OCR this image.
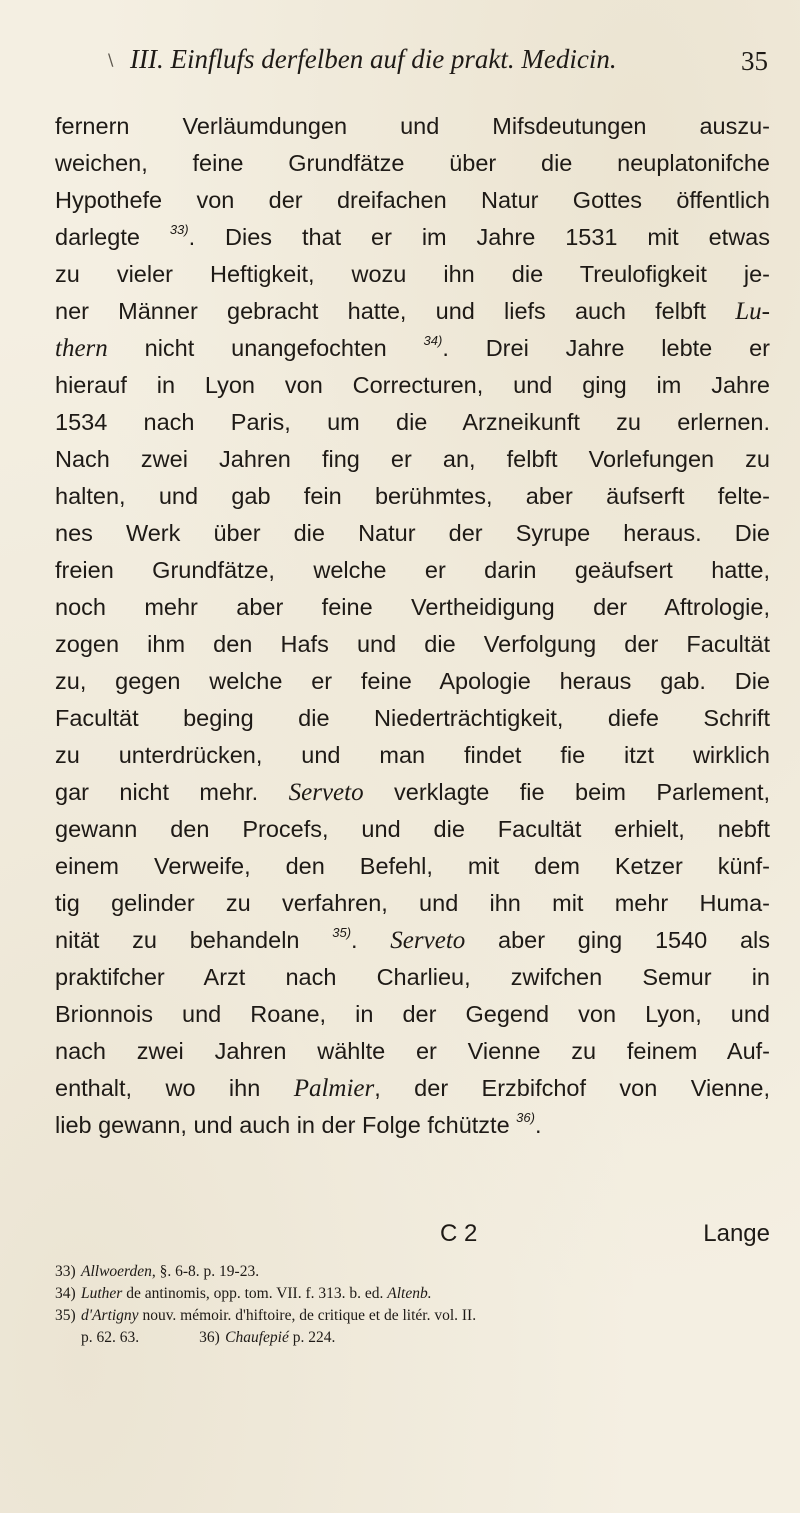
\ III. Einflufs derfelben auf die prakt. Medicin.	35
fernern Verläumdungen und Mifsdeutungen auszu-
weichen, feine Grundfätze über die neuplatonifche
Hypothefe von der dreifachen Natur Gottes öffentlich
darlegte $^{33)}$. Dies that er im Jahre 1531 mit etwas
zu vieler Heftigkeit, wozu ihn die Treulofigkeit je-
ner Männer gebracht hatte, und liefs auch felbft Lu-
thern nicht unangefochten $^{34)}$. Drei Jahre lebte er
hierauf in Lyon von Correcturen, und ging im Jahre
1534 nach Paris, um die Arzneikunft zu erlernen.
Nach zwei Jahren fing er an, felbft Vorlefungen zu
halten, und gab fein berühmtes, aber äufserft felte-
nes Werk über die Natur der Syrupe heraus. Die
freien Grundfätze, welche er darin geäufsert hatte,
noch mehr aber feine Vertheidigung der Aftrologie,
zogen ihm den Hafs und die Verfolgung der Facultät
zu, gegen welche er feine Apologie heraus gab. Die
Facultät beging die Niederträchtigkeit, diefe Schrift
zu unterdrücken, und man findet fie itzt wirklich
gar nicht mehr. Serveto verklagte fie beim Parlement,
gewann den Procefs, und die Facultät erhielt, nebft
einem Verweife, den Befehl, mit dem Ketzer künf-
tig gelinder zu verfahren, und ihn mit mehr Huma-
nität zu behandeln $^{35)}$. Serveto aber ging 1540 als
praktifcher Arzt nach Charlieu, zwifchen Semur in
Brionnois und Roane, in der Gegend von Lyon, und
nach zwei Jahren wählte er Vienne zu feinem Auf-
enthalt, wo ihn Palmier, der Erzbifchof von Vienne,
lieb gewann, und auch in der Folge fchützte $^{36)}$.
C 2	Lange
33) Allwoerden, §. 6-8. p. 19-23.
34) Luther de antinomis, opp. tom. VII. f. 313. b. ed. Altenb.
35) d'Artigny nouv. mémoir. d'hiftoire, de critique et de litér. vol. II.
p. 62. 63.	36) Chaufepié p. 224.
